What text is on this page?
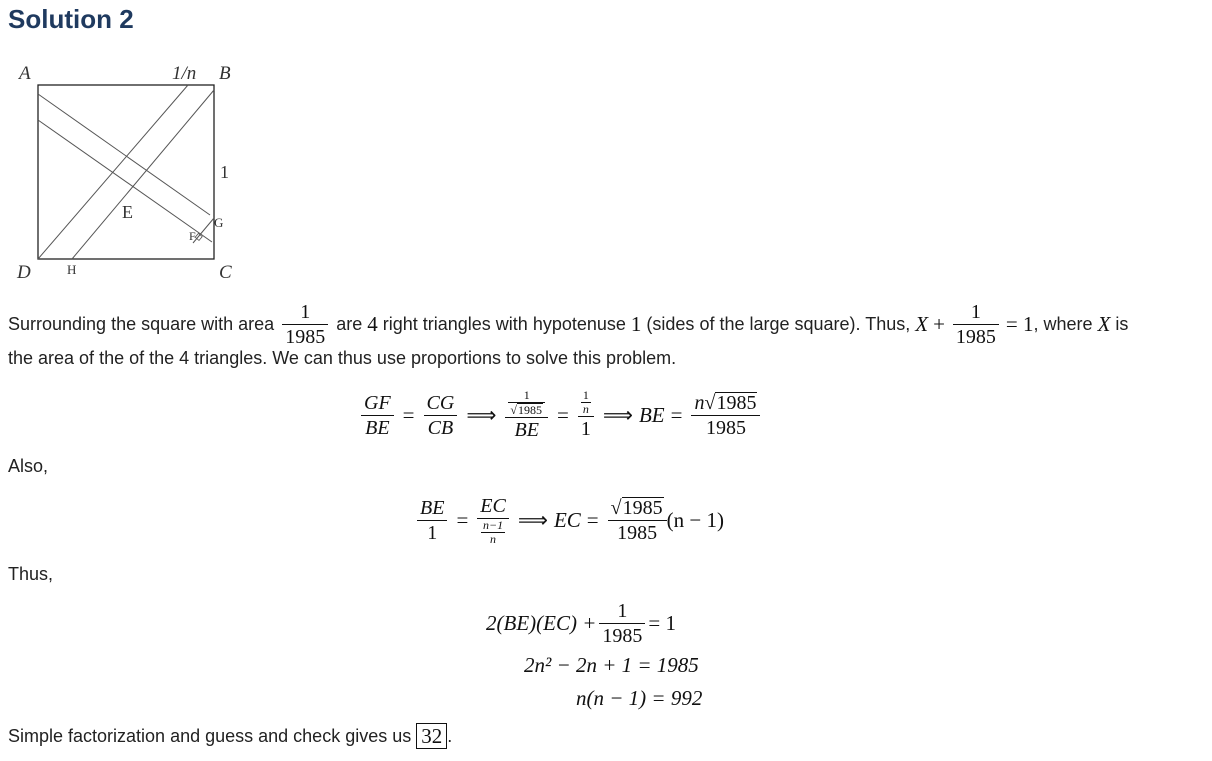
Solution 2
A	1/n B
1
E
F
G
D	H	C
Surrounding the square with area
$\frac{1}{1985}$
are
4
right triangles with hypotenuse
1
(sides of the large square). Thus,
$X + \frac{1}{1985} = 1$ , where
X
is
the area of the of the 4 triangles. We can thus use proportions to solve this problem.
$\frac{GF}{BE} = \frac{CG}{CB}$ ⟹ $\frac{\frac{1}{√1985}}{BE} = \frac{\frac{1}{n}}{1}$ ⟹ BE = $\frac{n√1985}{1985}$
Also,
$\frac{BE}{1} = \frac{EC}{\frac{n-1}{n}}$ ⟹ EC = $\frac{√1985}{1985} (n - 1)$
Thus,
$2(BE)(EC) + \frac{1}{1985} = 1$
2n² − 2n + 1 = 1985
n(n − 1) = 992
Simple factorization and guess and check gives us
32 .
